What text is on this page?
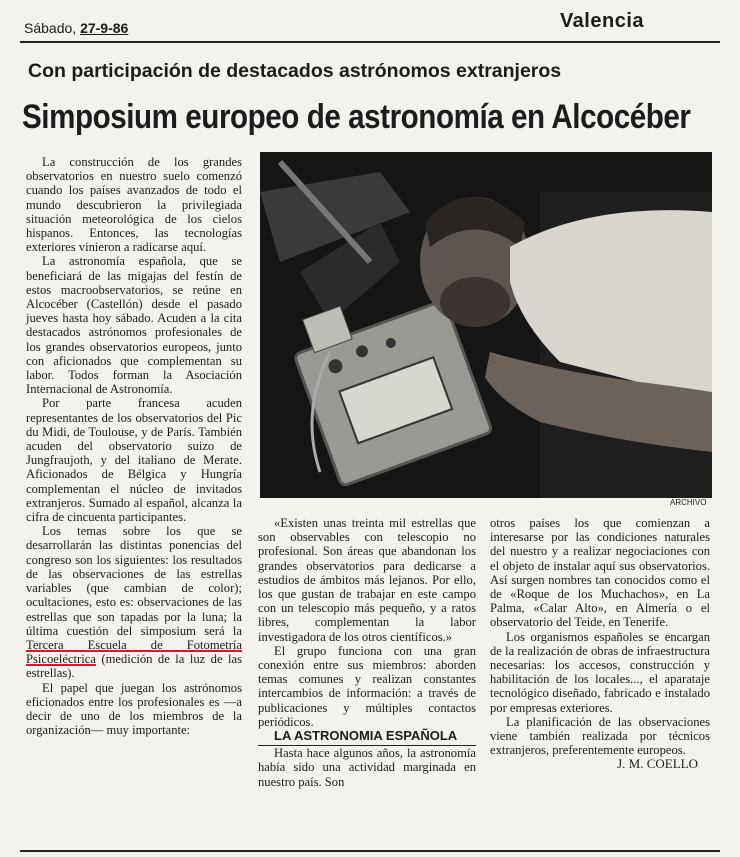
Sábado, 27-9-86	Valencia
Con participación de destacados astrónomos extranjeros
Simposium europeo de astronomía en Alcocéber
ARCHIVO

La construcción de los grandes observatorios en nuestro suelo comenzó cuando los países avanzados de todo el mundo descubrieron la privilegiada situación meteorológica de los cielos hispanos. Entonces, las tecnologías exteriores vinieron a radicarse aquí.

La astronomía española, que se beneficiará de las migajas del festín de estos macroobservatorios, se reúne en Alcocéber (Castellón) desde el pasado jueves hasta hoy sábado. Acuden a la cita destacados astrónomos profesionales de los grandes observatorios europeos, junto con aficionados que complementan su labor. Todos forman la Asociación Internacional de Astronomía.

Por parte francesa acuden representantes de los observatorios del Pic du Midi, de Toulouse, y de París. También acuden del observatorio suizo de Jungfraujoth, y del italiano de Merate. Aficionados de Bélgica y Hungría complementan el núcleo de invitados extranjeros. Sumado al español, alcanza la cifra de cincuenta participantes.

Los temas sobre los que se desarrollarán las distintas ponencias del congreso son los siguientes: los resultados de las observaciones de las estrellas variables (que cambian de color); ocultaciones, esto es: observaciones de las estrellas que son tapadas por la luna; la última cuestión del simposium será la Tercera Escuela de Fotometría Psicoeléctrica (medición de la luz de las estrellas).

El papel que juegan los astrónomos eficionados entre los profesionales es —a decir de uno de los miembros de la organización— muy importante:

«Existen unas treinta mil estrellas que son observables con telescopio no profesional. Son áreas que abandonan los grandes observatorios para dedicarse a estudios de ámbitos más lejanos. Por ello, los que gustan de trabajar en este campo con un telescopio más pequeño, y a ratos libres, complementan la labor investigadora de los otros científicos.»

El grupo funciona con una gran conexión entre sus miembros: aborden temas comunes y realizan constantes intercambios de información: a través de publicaciones y múltiples contactos periódicos.

LA ASTRONOMIA ESPAÑOLA

Hasta hace algunos años, la astronomía había sido una actividad marginada en nuestro país. Son

otros países los que comienzan a interesarse por las condiciones naturales del nuestro y a realizar negociaciones con el objeto de instalar aquí sus observatorios. Así surgen nombres tan conocidos como el de «Roque de los Muchachos», en La Palma, «Calar Alto», en Almería o el observatorio del Teide, en Tenerife.

Los organismos españoles se encargan de la realización de obras de infraestructura necesarias: los accesos, construcción y habilitación de los locales..., el aparataje tecnológico diseñado, fabricado e instalado por empresas exteriores.

La planificación de las observaciones viene también realizada por técnicos extranjeros, preferentemente europeos.

J. M. COELLO
